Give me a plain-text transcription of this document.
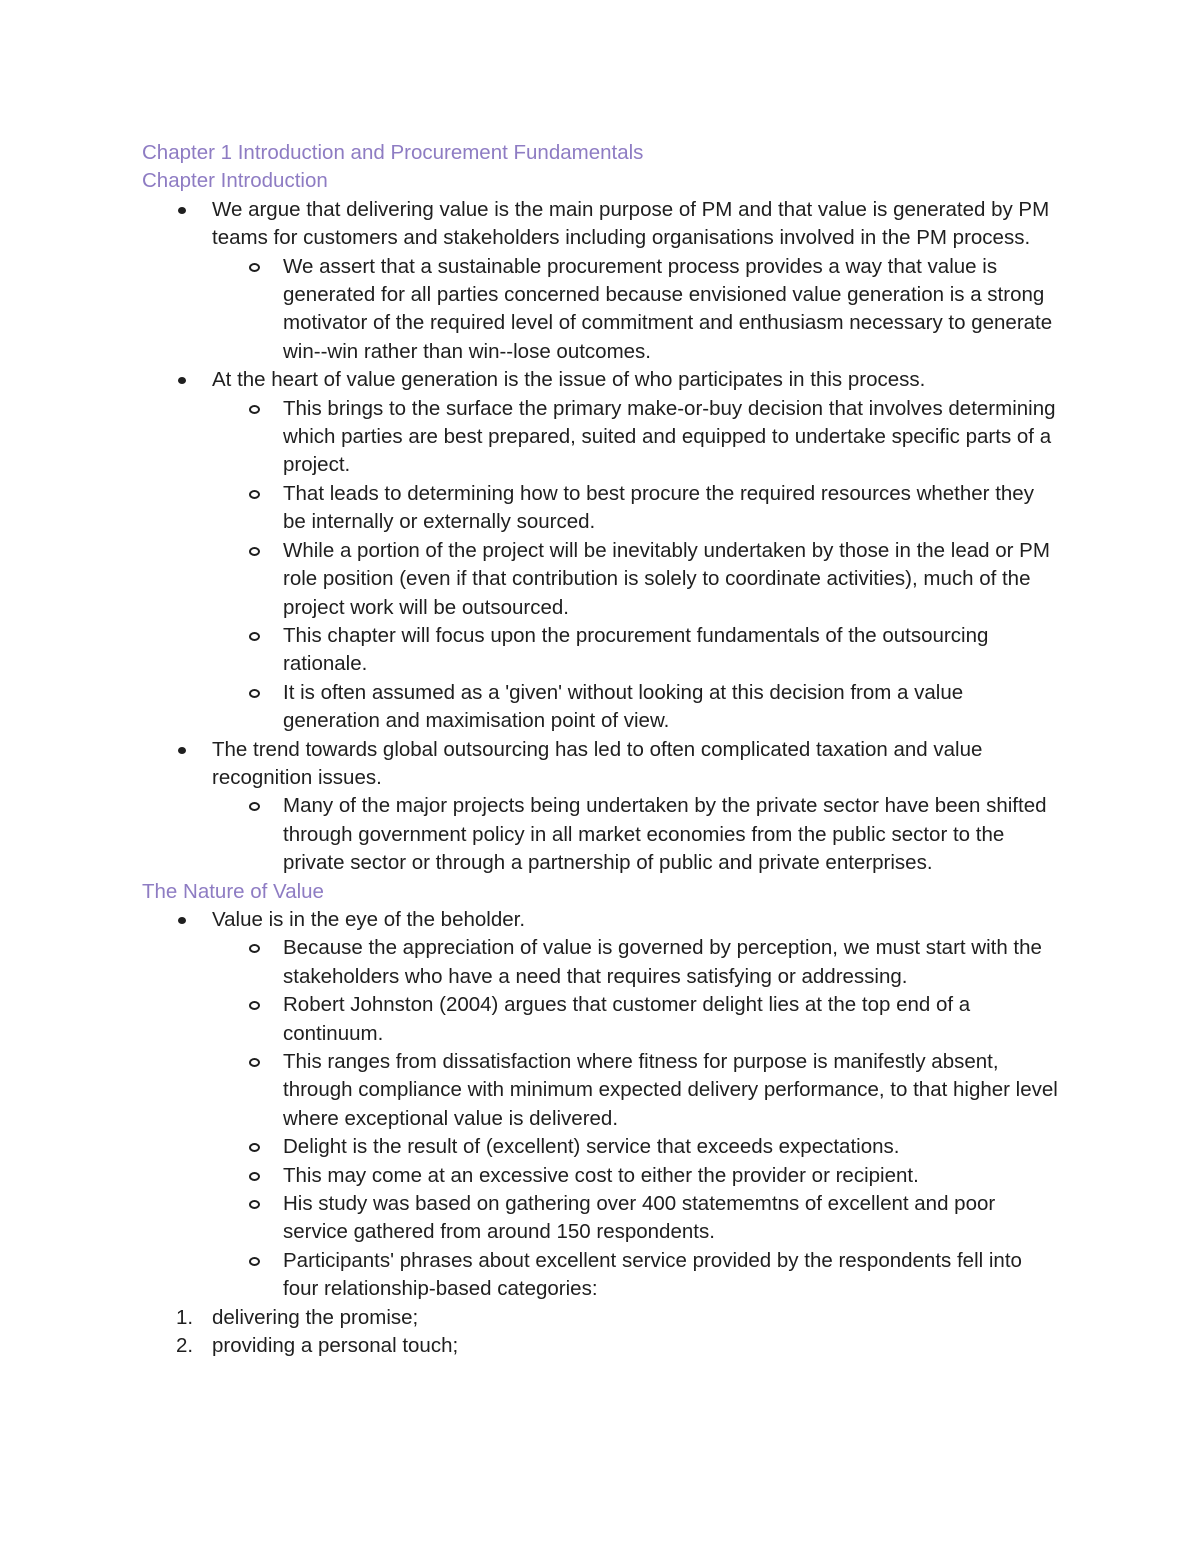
Chapter 1 Introduction and Procurement Fundamentals
Chapter Introduction
We argue that delivering value is the main purpose of PM and that value is generated by PM teams for customers and stakeholders including organisations involved in the PM process.
We assert that a sustainable procurement process provides a way that value is generated for all parties concerned because envisioned value generation is a strong motivator of the required level of commitment and enthusiasm necessary to generate win--win rather than win--lose outcomes.
At the heart of value generation is the issue of who participates in this process.
This brings to the surface the primary make-or-buy decision that involves determining which parties are best prepared, suited and equipped to undertake specific parts of a project.
That leads to determining how to best procure the required resources whether they be internally or externally sourced.
While a portion of the project will be inevitably undertaken by those in the lead or PM role position (even if that contribution is solely to coordinate activities), much of the project work will be outsourced.
This chapter will focus upon the procurement fundamentals of the outsourcing rationale.
It is often assumed as a 'given' without looking at this decision from a value generation and maximisation point of view.
The trend towards global outsourcing has led to often complicated taxation and value recognition issues.
Many of the major projects being undertaken by the private sector have been shifted through government policy in all market economies from the public sector to the private sector or through a partnership of public and private enterprises.
The Nature of Value
Value is in the eye of the beholder.
Because the appreciation of value is governed by perception, we must start with the stakeholders who have a need that requires satisfying or addressing.
Robert Johnston (2004) argues that customer delight lies at the top end of a continuum.
This ranges from dissatisfaction where fitness for purpose is manifestly absent, through compliance with minimum expected delivery performance, to that higher level where exceptional value is delivered.
Delight is the result of (excellent) service that exceeds expectations.
This may come at an excessive cost to either the provider or recipient.
His study was based on gathering over 400 statememtns of excellent and poor service gathered from around 150 respondents.
Participants' phrases about excellent service provided by the respondents fell into four relationship-based categories:
1. delivering the promise;
2. providing a personal touch;
